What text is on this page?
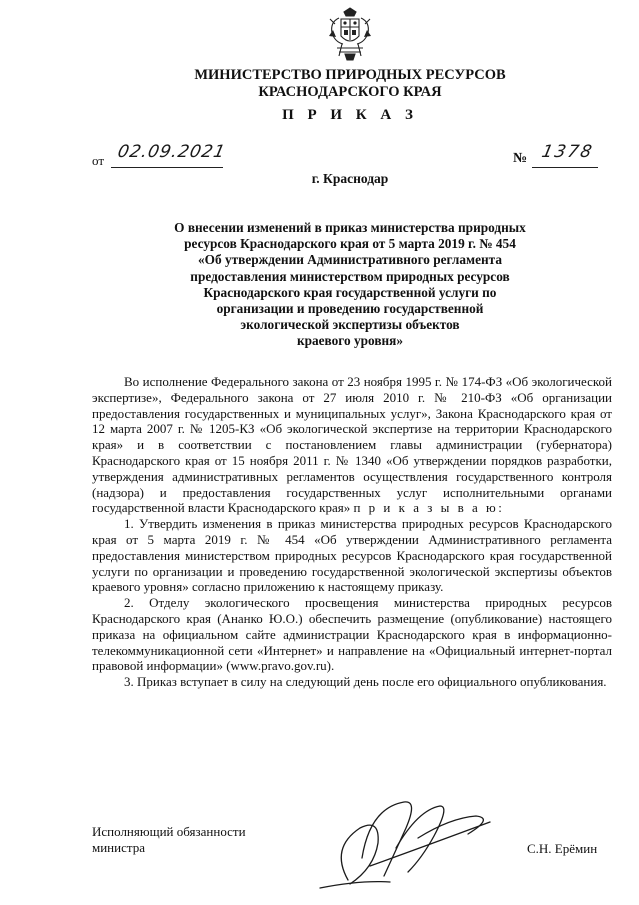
МИНИСТЕРСТВО ПРИРОДНЫХ РЕСУРСОВ
КРАСНОДАРСКОГО КРАЯ
П Р И К А З
от 02.09.2021	№ 1378
г. Краснодар
О внесении изменений в приказ министерства природных
ресурсов Краснодарского края от 5 марта 2019 г. № 454
«Об утверждении Административного регламента
предоставления министерством природных ресурсов
Краснодарского края государственной услуги по
организации и проведению государственной
экологической экспертизы объектов
краевого уровня»

Во исполнение Федерального закона от 23 ноября 1995 г. № 174-ФЗ «Об экологической экспертизе», Федерального закона от 27 июля 2010 г. № 210-ФЗ «Об организации предоставления государственных и муниципальных услуг», Закона Краснодарского края от 12 марта 2007 г. № 1205-КЗ «Об экологической экспертизе на территории Краснодарского края» и в соответствии с постановлением главы администрации (губернатора) Краснодарского края от 15 ноября 2011 г. № 1340 «Об утверждении порядков разработки, утверждения административных регламентов осуществления государственного контроля (надзора) и предоставления государственных услуг исполнительными органами государственной власти Краснодарского края» п р и к а з ы в а ю:

1. Утвердить изменения в приказ министерства природных ресурсов Краснодарского края от 5 марта 2019 г. № 454 «Об утверждении Административного регламента предоставления министерством природных ресурсов Краснодарского края государственной услуги по организации и проведению государственной экологической экспертизы объектов краевого уровня» согласно приложению к настоящему приказу.

2. Отделу экологического просвещения министерства природных ресурсов Краснодарского края (Ананко Ю.О.) обеспечить размещение (опубликование) настоящего приказа на официальном сайте администрации Краснодарского края в информационно-телекоммуникационной сети «Интернет» и направление на «Официальный интернет-портал правовой информации» (www.pravo.gov.ru).

3. Приказ вступает в силу на следующий день после его официального опубликования.

Исполняющий обязанности
министра	С.Н. Ерёмин
